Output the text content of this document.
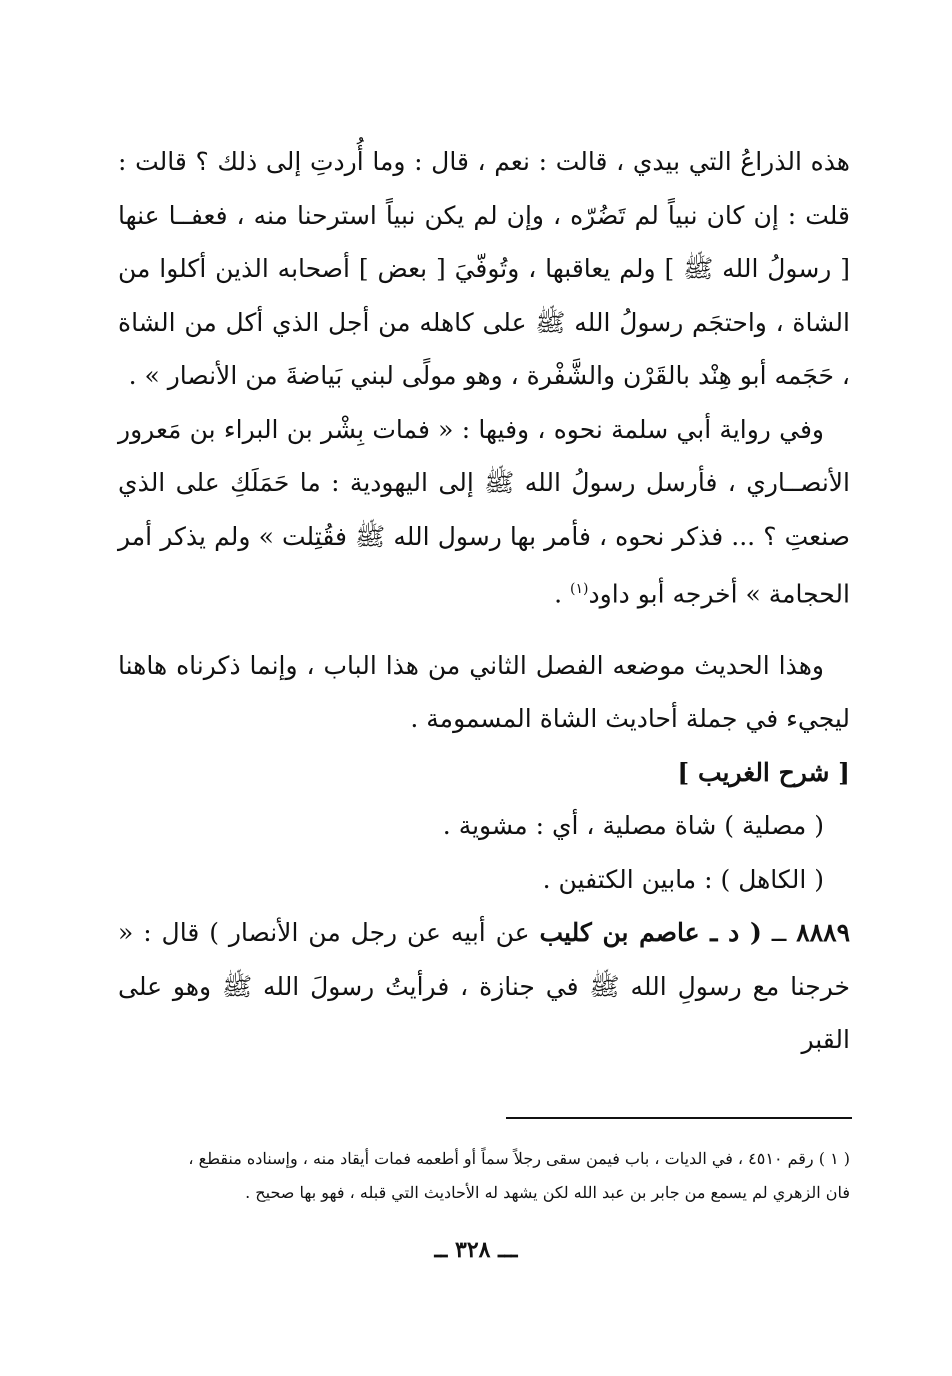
هذه الذراعُ التي بيدي ، قالت : نعم ، قال : وما أُردتِ إلى ذلك ؟ قالت : قلت : إن كان نبياً لم تَضُرّه ، وإن لم يكن نبياً استرحنا منه ، فعفــا عنها [ رسولُ الله ﷺ ] ولم يعاقبها ، وتُوفّيَ [ بعض ] أصحابه الذين أكلوا من الشاة ، واحتجَم رسولُ الله ﷺ على كاهله من أجل الذي أكل من الشاة ، حَجَمه أبو هِنْد بالقَرْن والشَّفْرة ، وهو مولًى لبني بَياضةَ من الأنصار » .

وفي رواية أبي سلمة نحوه ، وفيها : « فمات بِشْر بن البراء بن مَعرور الأنصــاري ، فأرسل رسولُ الله ﷺ إلى اليهودية : ما حَمَلَكِ على الذي صنعتِ ؟ ... فذكر نحوه ، فأمر بها رسول الله ﷺ فقُتِلت » ولم يذكر أمر الحجامة » أخرجه أبو داود$^{(١)}$ .

وهذا الحديث موضعه الفصل الثاني من هذا الباب ، وإنما ذكرناه هاهنا ليجيء في جملة أحاديث الشاة المسمومة .

[ شرح الغريب ]

( مصلية ) شاة مصلية ، أي : مشوية .

( الكاهل ) : مابين الكتفين .

٨٨٨٩ ــ ( د ـ عاصم بن كليب عن أبيه عن رجل من الأنصار ) قال : « خرجنا مع رسولِ الله ﷺ في جنازة ، فرأيتُ رسولَ الله ﷺ وهو على القبر

( ١ ) رقم ٤٥١٠ ، في الديات ، باب فيمن سقى رجلاً سماً أو أطعمه فمات أيقاد منه ، وإسناده منقطع ،

فان الزهري لم يسمع من جابر بن عبد الله لكن يشهد له الأحاديث التي قبله ، فهو بها صحيح .

ـــ ٣٢٨ ــ
